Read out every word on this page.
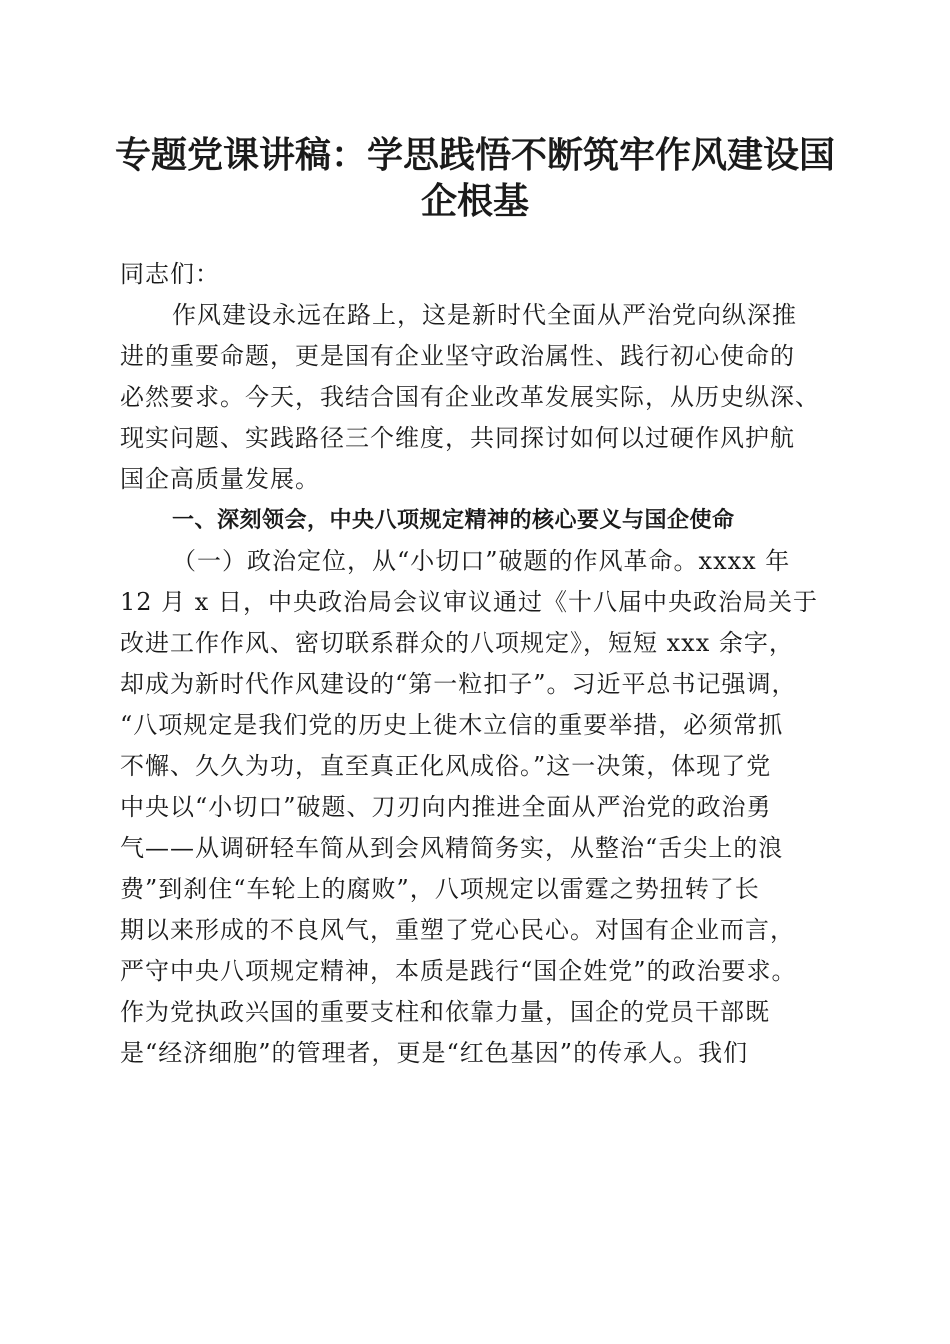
专题党课讲稿：学思践悟不断筑牢作风建设国
企根基
同志们：
作风建设永远在路上，这是新时代全面从严治党向纵深推
进的重要命题，更是国有企业坚守政治属性、践行初心使命的
必然要求。今天，我结合国有企业改革发展实际，从历史纵深、
现实问题、实践路径三个维度，共同探讨如何以过硬作风护航
国企高质量发展。
一、深刻领会，中央八项规定精神的核心要义与国企使命
（一）政治定位，从“小切口”破题的作风革命。xxxx 年
12 月 x 日，中央政治局会议审议通过《十八届中央政治局关于
改进工作作风、密切联系群众的八项规定》，短短 xxx 余字，
却成为新时代作风建设的“第一粒扣子”。习近平总书记强调，
“八项规定是我们党的历史上徙木立信的重要举措，必须常抓
不懈、久久为功，直至真正化风成俗。”这一决策，体现了党
中央以“小切口”破题、刀刃向内推进全面从严治党的政治勇
气——从调研轻车简从到会风精简务实，从整治“舌尖上的浪
费”到刹住“车轮上的腐败”，八项规定以雷霆之势扭转了长
期以来形成的不良风气，重塑了党心民心。对国有企业而言，
严守中央八项规定精神，本质是践行“国企姓党”的政治要求。
作为党执政兴国的重要支柱和依靠力量，国企的党员干部既
是“经济细胞”的管理者，更是“红色基因”的传承人。我们
